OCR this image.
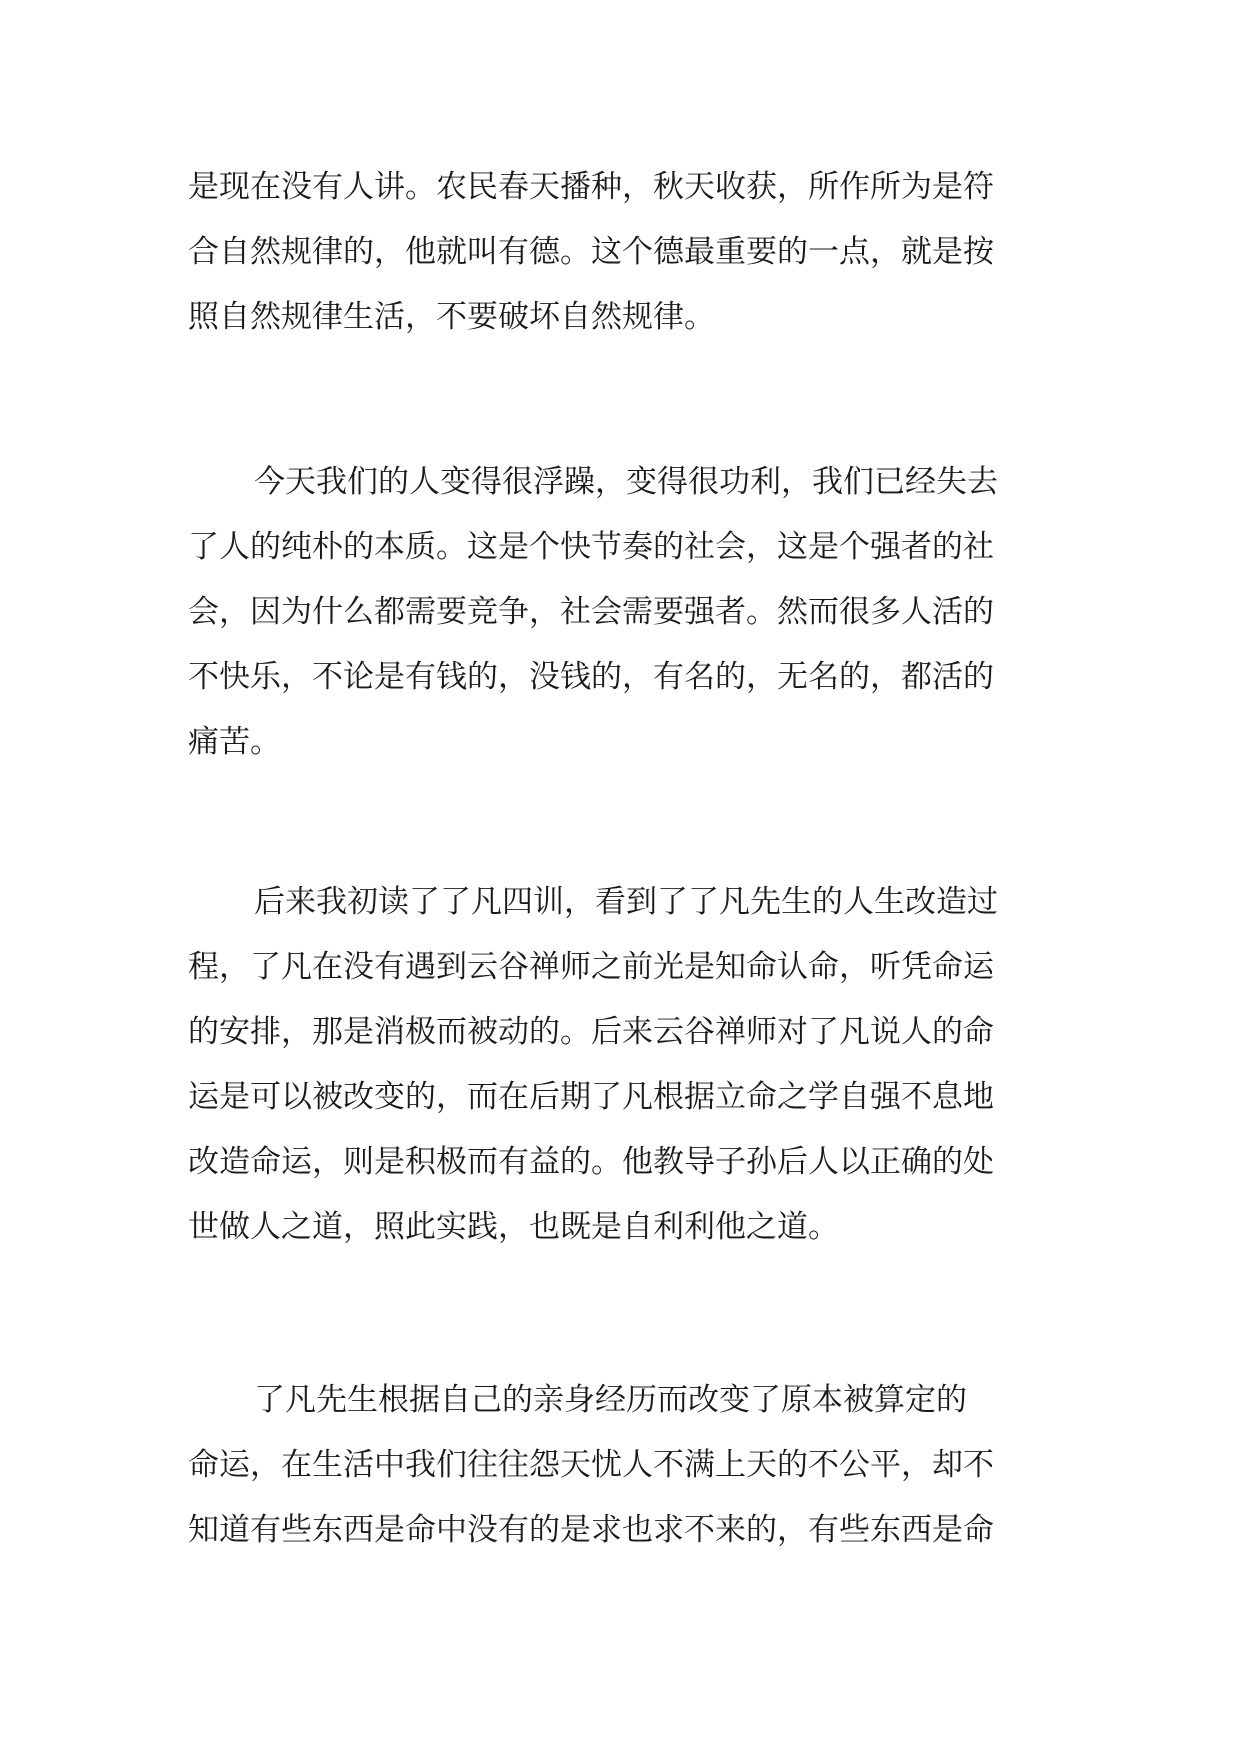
是现在没有人讲。农民春天播种，秋天收获，所作所为是符
合自然规律的，他就叫有德。这个德最重要的一点，就是按
照自然规律生活，不要破坏自然规律。
今天我们的人变得很浮躁，变得很功利，我们已经失去
了人的纯朴的本质。这是个快节奏的社会，这是个强者的社
会，因为什么都需要竞争，社会需要强者。然而很多人活的
不快乐，不论是有钱的，没钱的，有名的，无名的，都活的
痛苦。
后来我初读了了凡四训，看到了了凡先生的人生改造过
程，了凡在没有遇到云谷禅师之前光是知命认命，听凭命运
的安排，那是消极而被动的。后来云谷禅师对了凡说人的命
运是可以被改变的，而在后期了凡根据立命之学自强不息地
改造命运，则是积极而有益的。他教导子孙后人以正确的处
世做人之道，照此实践，也既是自利利他之道。
了凡先生根据自己的亲身经历而改变了原本被算定的
命运，在生活中我们往往怨天忧人不满上天的不公平，却不
知道有些东西是命中没有的是求也求不来的，有些东西是命
